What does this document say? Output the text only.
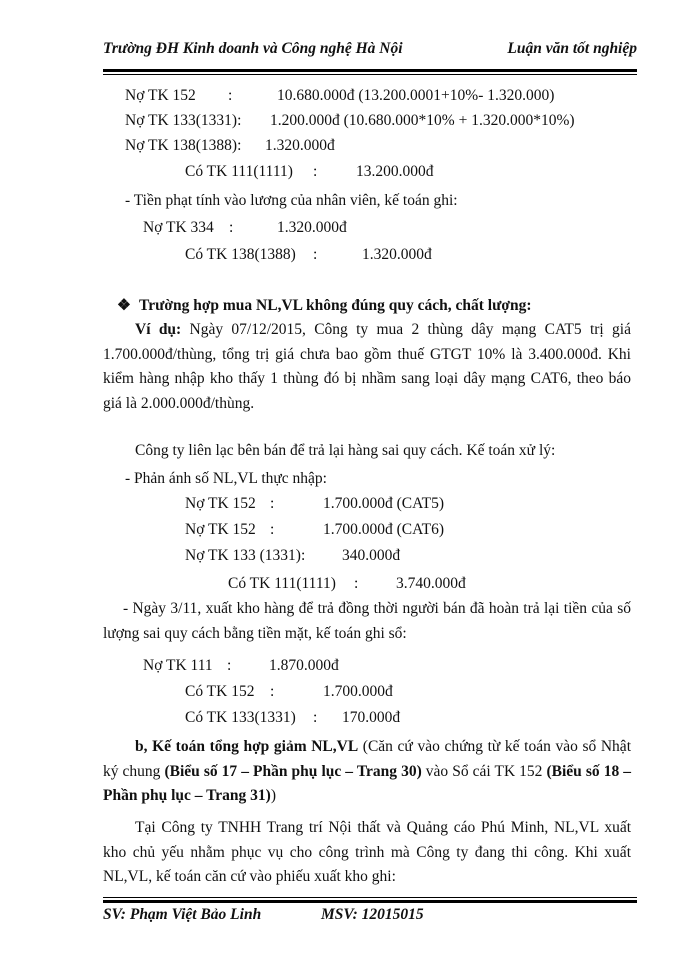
Trường ĐH Kinh doanh và Công nghệ Hà Nội	Luận văn tốt nghiệp
Nợ TK 152 :	10.680.000đ (13.200.0001+10%- 1.320.000)
Nợ TK 133(1331): 1.200.000đ (10.680.000*10% + 1.320.000*10%)
Nợ TK 138(1388): 1.320.000đ
Có TK 111(1111) : 13.200.000đ
- Tiền phạt tính vào lương của nhân viên, kế toán ghi:
Nợ TK 334 :	1.320.000đ
Có TK 138(1388) :	1.320.000đ
❖ Trường hợp mua NL,VL không đúng quy cách, chất lượng:
Ví dụ: Ngày 07/12/2015, Công ty mua 2 thùng dây mạng CAT5 trị giá 1.700.000đ/thùng, tổng trị giá chưa bao gồm thuế GTGT 10% là 3.400.000đ. Khi kiểm hàng nhập kho thấy 1 thùng đó bị nhầm sang loại dây mạng CAT6, theo báo giá là 2.000.000đ/thùng.
Công ty liên lạc bên bán để trả lại hàng sai quy cách. Kế toán xử lý:
- Phản ánh số NL,VL thực nhập:
Nợ TK 152 :	1.700.000đ (CAT5)
Nợ TK 152 :	1.700.000đ (CAT6)
Nợ TK 133 (1331): 340.000đ
Có TK 111(1111) : 3.740.000đ
- Ngày 3/11, xuất kho hàng để trả đồng thời người bán đã hoàn trả lại tiền của số lượng sai quy cách bằng tiền mặt, kế toán ghi sổ:
Nợ TK 111 : 1.870.000đ
Có TK 152 :	1.700.000đ
Có TK 133(1331) : 170.000đ
b, Kế toán tổng hợp giảm NL,VL (Căn cứ vào chứng từ kế toán vào sổ Nhật ký chung (Biểu số 17 – Phần phụ lục – Trang 30) vào Sổ cái TK 152 (Biểu số 18 – Phần phụ lục – Trang 31))
Tại Công ty TNHH Trang trí Nội thất và Quảng cáo Phú Minh, NL,VL xuất kho chủ yếu nhằm phục vụ cho công trình mà Công ty đang thi công. Khi xuất NL,VL, kế toán căn cứ vào phiếu xuất kho ghi:
SV: Phạm Việt Bảo Linh	MSV: 12015015
